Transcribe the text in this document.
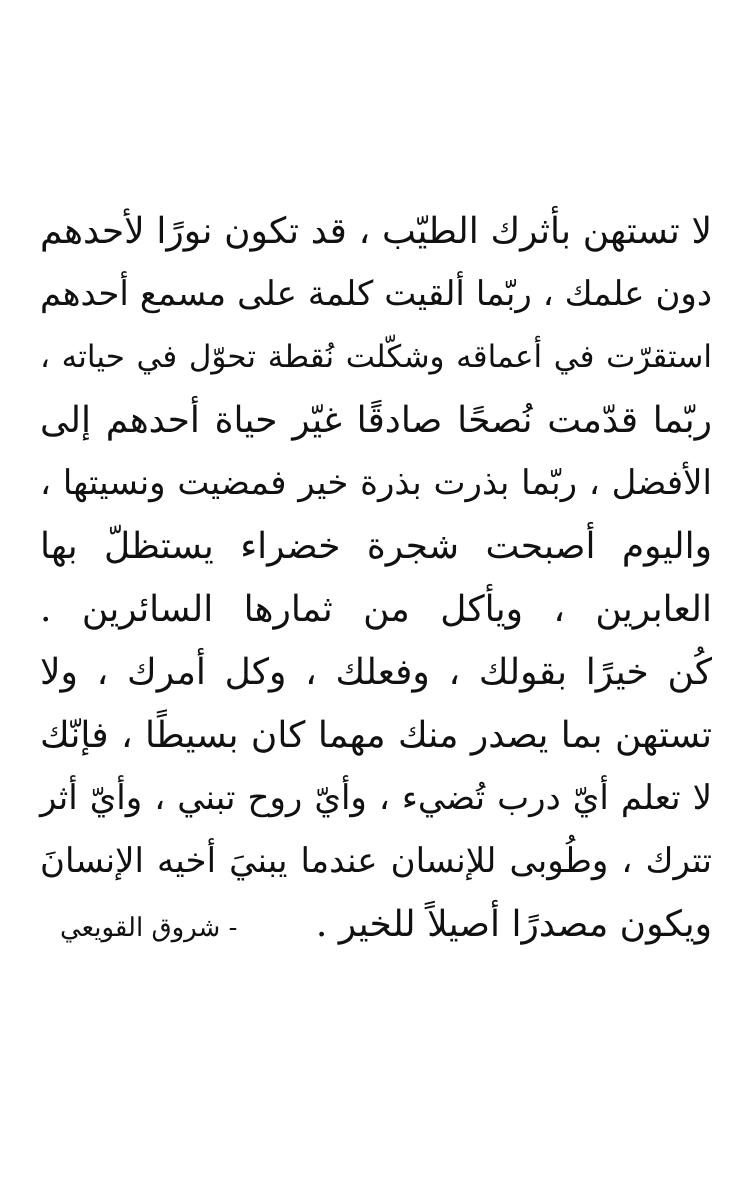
لا تستهن بأثرك الطيّب ، قد تكون نورًا لأحدهم
دون علمك ، ربّما ألقيت كلمة على مسمع أحدهم
استقرّت في أعماقه وشكّلت نُقطة تحوّل في حياته ،
ربّما قدّمت نُصحًا صادقًا غيّر حياة أحدهم إلى
الأفضل ، ربّما بذرت بذرة خير فمضيت ونسيتها ،
واليوم أصبحت شجرة خضراء يستظلّ بها
العابرين ، ويأكل من ثمارها السائرين .
كُن خيرًا بقولك ، وفعلك ، وكل أمرك ، ولا
تستهن بما يصدر منك مهما كان بسيطًا ، فإنّك
لا تعلم أيّ درب تُضيء ، وأيّ روح تبني ، وأيّ أثر
تترك ، وطُوبى للإنسان عندما يبنيَ أخيه الإنسانَ
ويكون مصدرًا أصيلاً للخير .
- شروق القويعي
